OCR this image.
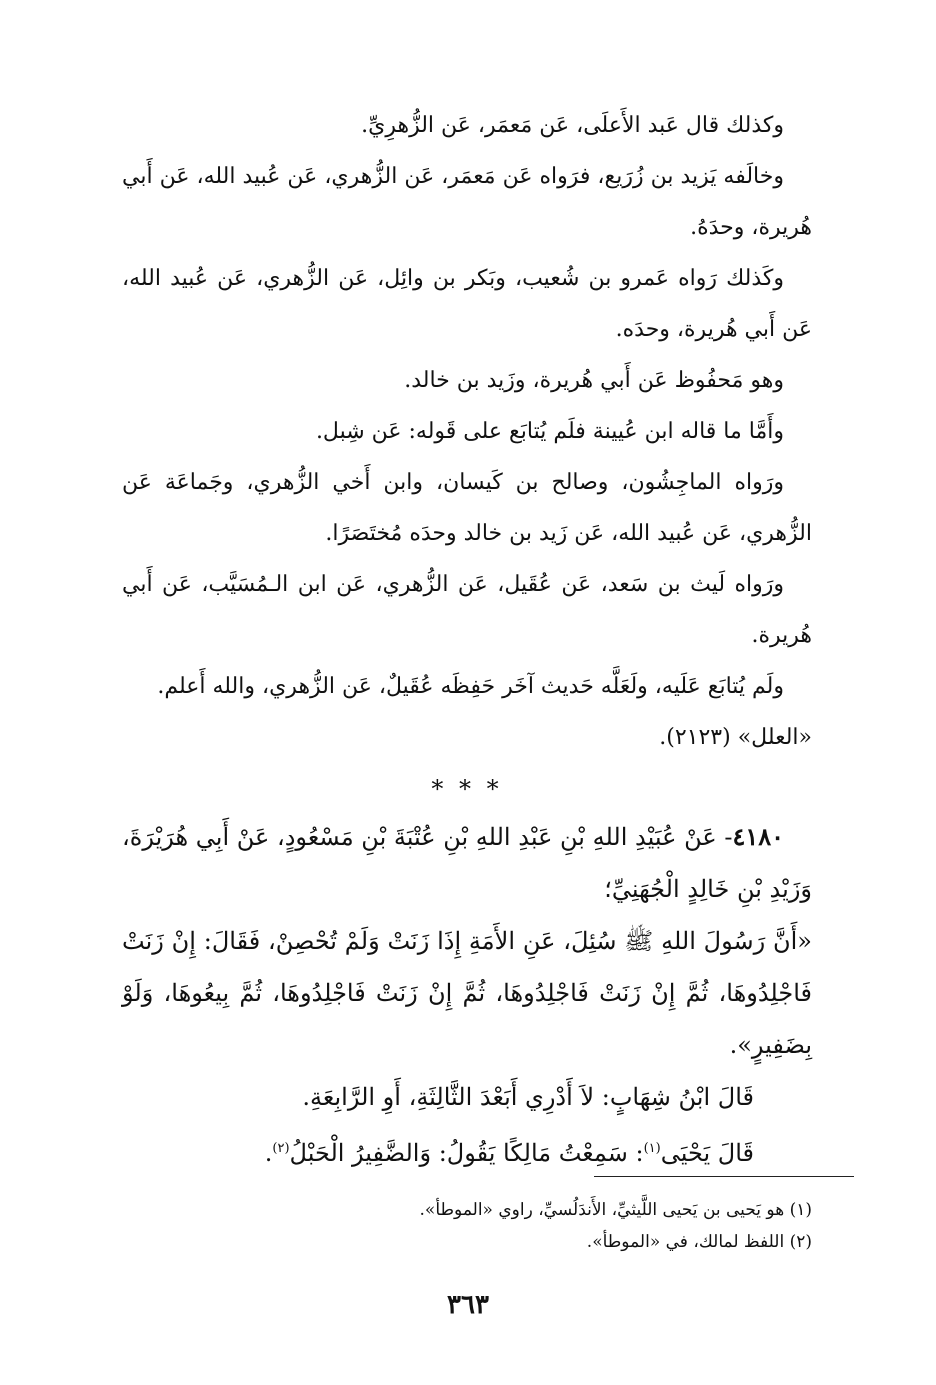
وكذلك قال عَبد الأَعلَى، عَن مَعمَر، عَن الزُّهرِيِّ.

وخالَفه يَزيد بن زُرَيع، فرَواه عَن مَعمَر، عَن الزُّهري، عَن عُبيد الله، عَن أَبي هُريرة، وحدَهُ.

وكَذلك رَواه عَمرو بن شُعيب، وبَكر بن وائِل، عَن الزُّهري، عَن عُبيد الله، عَن أَبي هُريرة، وحدَه.

وهو مَحفُوظ عَن أَبي هُريرة، وزَيد بن خالد.

وأَمَّا ما قاله ابن عُيينة فلَم يُتابَع على قَوله: عَن شِبل.

ورَواه الماجِشُون، وصالح بن كَيسان، وابن أَخي الزُّهري، وجَماعَة عَن الزُّهري، عَن عُبيد الله، عَن زَيد بن خالد وحدَه مُختَصَرًا.

ورَواه لَيث بن سَعد، عَن عُقَيل، عَن الزُّهري، عَن ابن الـمُسَيَّب، عَن أَبي هُريرة.

ولَم يُتابَع عَلَيه، ولَعَلَّه حَديث آخَر حَفِظَه عُقَيلٌ، عَن الزُّهري، والله أَعلم.

«العلل» (٢١٢٣).

* * *

٤١٨٠- عَنْ عُبَيْدِ اللهِ بْنِ عَبْدِ اللهِ بْنِ عُتْبَةَ بْنِ مَسْعُودٍ، عَنْ أَبِي هُرَيْرَةَ، وَزَيْدِ بْنِ خَالِدٍ الْجُهَنِيِّ؛

«أَنَّ رَسُولَ اللهِ ﷺ سُئِلَ، عَنِ الأَمَةِ إِذَا زَنَتْ وَلَمْ تُحْصِنْ، فَقَالَ: إِنْ زَنَتْ فَاجْلِدُوهَا، ثُمَّ إِنْ زَنَتْ فَاجْلِدُوهَا، ثُمَّ إِنْ زَنَتْ فَاجْلِدُوهَا، ثُمَّ بِيعُوهَا، وَلَوْ بِضَفِيرٍ».

قَالَ ابْنُ شِهَابٍ: لاَ أَدْرِي أَبَعْدَ الثَّالِثَةِ، أَوِ الرَّابِعَةِ.

قَالَ يَحْيَى$^{(١)}$: سَمِعْتُ مَالِكًا يَقُولُ: وَالضَّفِيرُ الْحَبْلُ$^{(٢)}$.

(١) هو يَحيى بن يَحيى اللَّيثيِّ، الأَندَلُسيِّ، راوي «الموطأ».

(٢) اللفظ لمالك، في «الموطأ».

٣٦٣
